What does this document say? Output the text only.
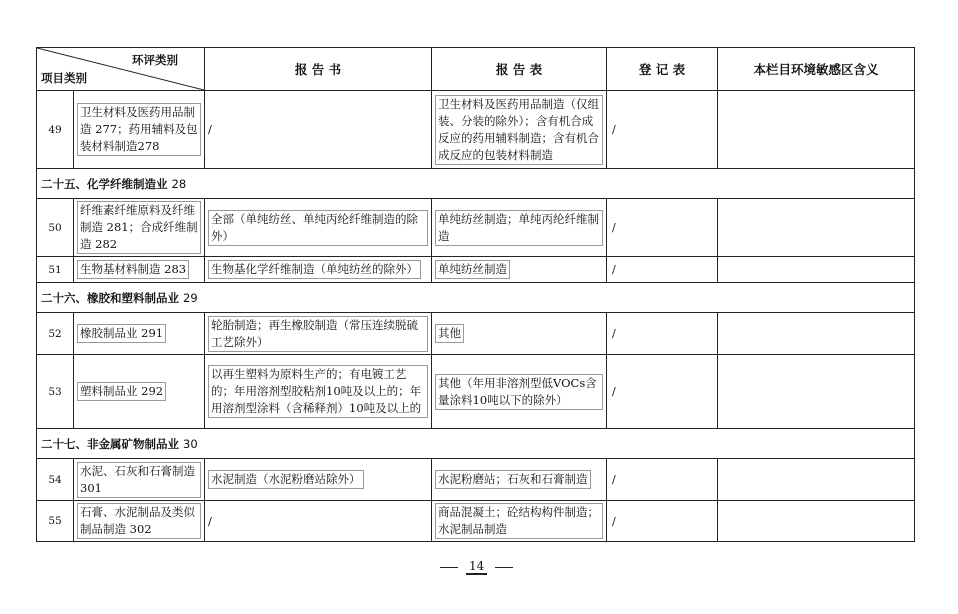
环评类别
项目类别		报 告 书	报 告 表	登 记 表	本栏目环境敏感区含义
49	卫生材料及医药用品制造 277；药用辅料及包装材料制造278	/	卫生材料及医药用品制造（仅组装、分装的除外）；含有机合成反应的药用辅料制造；含有机合成反应的包装材料制造	/	
二十五、化学纤维制造业 28					
50	纤维素纤维原料及纤维制造 281；合成纤维制造 282	全部（单纯纺丝、单纯丙纶纤维制造的除外）	单纯纺丝制造；单纯丙纶纤维制造	/	
51	生物基材料制造 283	生物基化学纤维制造（单纯纺丝的除外）	单纯纺丝制造	/	
二十六、橡胶和塑料制品业 29					
52	橡胶制品业 291	轮胎制造；再生橡胶制造（常压连续脱硫工艺除外）	其他	/	
53	塑料制品业 292	以再生塑料为原料生产的；有电镀工艺的；年用溶剂型胶粘剂10吨及以上的；年用溶剂型涂料（含稀释剂）10吨及以上的	其他（年用非溶剂型低VOCs含量涂料10吨以下的除外）	/	
二十七、非金属矿物制品业 30					
54	水泥、石灰和石膏制造 301	水泥制造（水泥粉磨站除外）	水泥粉磨站；石灰和石膏制造	/	
55	石膏、水泥制品及类似制品制造 302	/	商品混凝土；砼结构构件制造；水泥制品制造	/	
14
